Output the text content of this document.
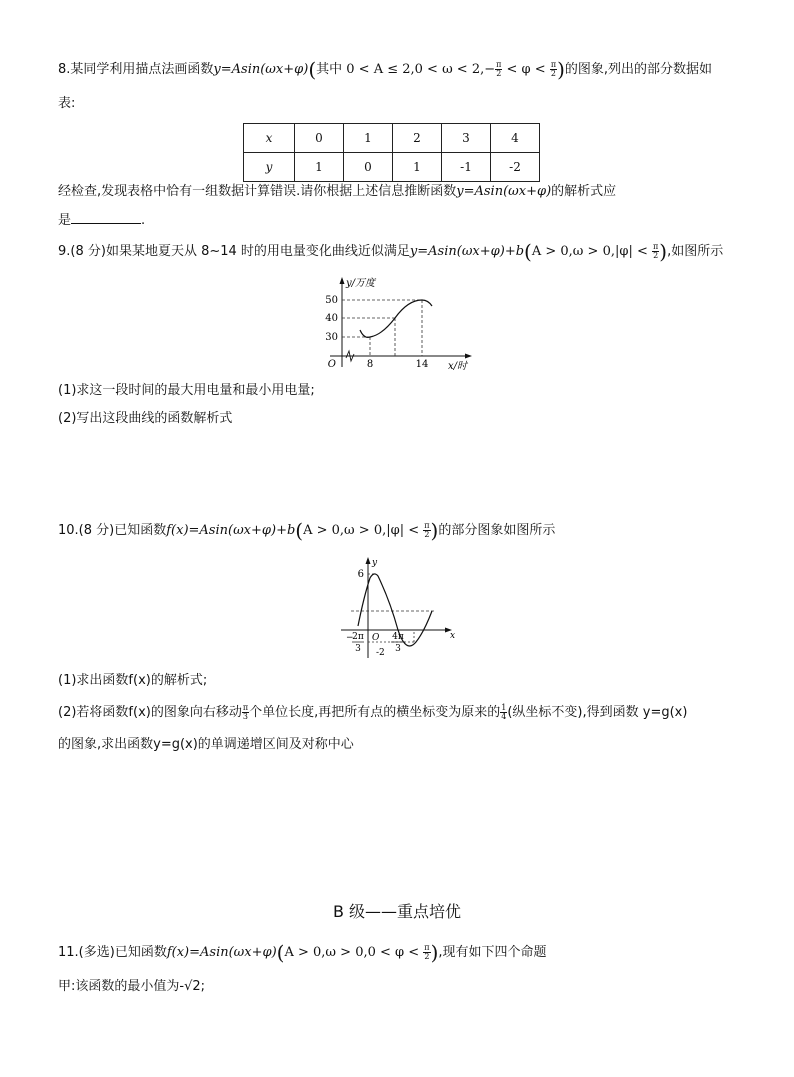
8.某同学利用描点法画函数y=Asin(ωx+φ)(其中 $0 < A \le 2,0 < \omega < 2,- \frac{\pi}{2} < \varphi < \frac{\pi}{2}$ )的图象,列出的部分数据如
表:
x	0	1	2	3	4
y	1	0	1	-1	-2
经检查,发现表格中恰有一组数据计算错误.请你根据上述信息推断函数y=Asin(ωx+φ)的解析式应
是	.
9.(8 分)如果某地夏天从 8~14 时的用电量变化曲线近似满足$y=Asin(\omega x+\varphi)+b(A > 0,\omega > 0,|\varphi| < \frac{\pi}{2}$ ),如图所示
y/万度
50
40
30
O	8	14 x/时
(1)求这一段时间的最大用电量和最小用电量;
(2)写出这段曲线的函数解析式
10.(8 分)已知函数$f(x)=Asin(\omega x+\varphi)+b(A > 0,\omega > 0,|\varphi| < \frac{\pi}{2}$ )的部分图象如图所示
y
6
O
-2
x
−
2π
3
4π
3
(1)求出函数f(x)的解析式;
(2)若将函数f(x)的图象向右移动 $\frac{\pi}{3}$ 个单位长度,再把所有点的横坐标变为原来的 $\frac{1}{4}$ (纵坐标不变),得到函数 y=g(x)
的图象,求出函数y=g(x)的单调递增区间及对称中心
B 级——重点培优
11.(多选)已知函数$f(x)=Asin(\omega x+\varphi)(A > 0,\omega > 0,0 < \varphi < \frac{\pi}{2}$ ),现有如下四个命题
甲:该函数的最小值为-√2;
